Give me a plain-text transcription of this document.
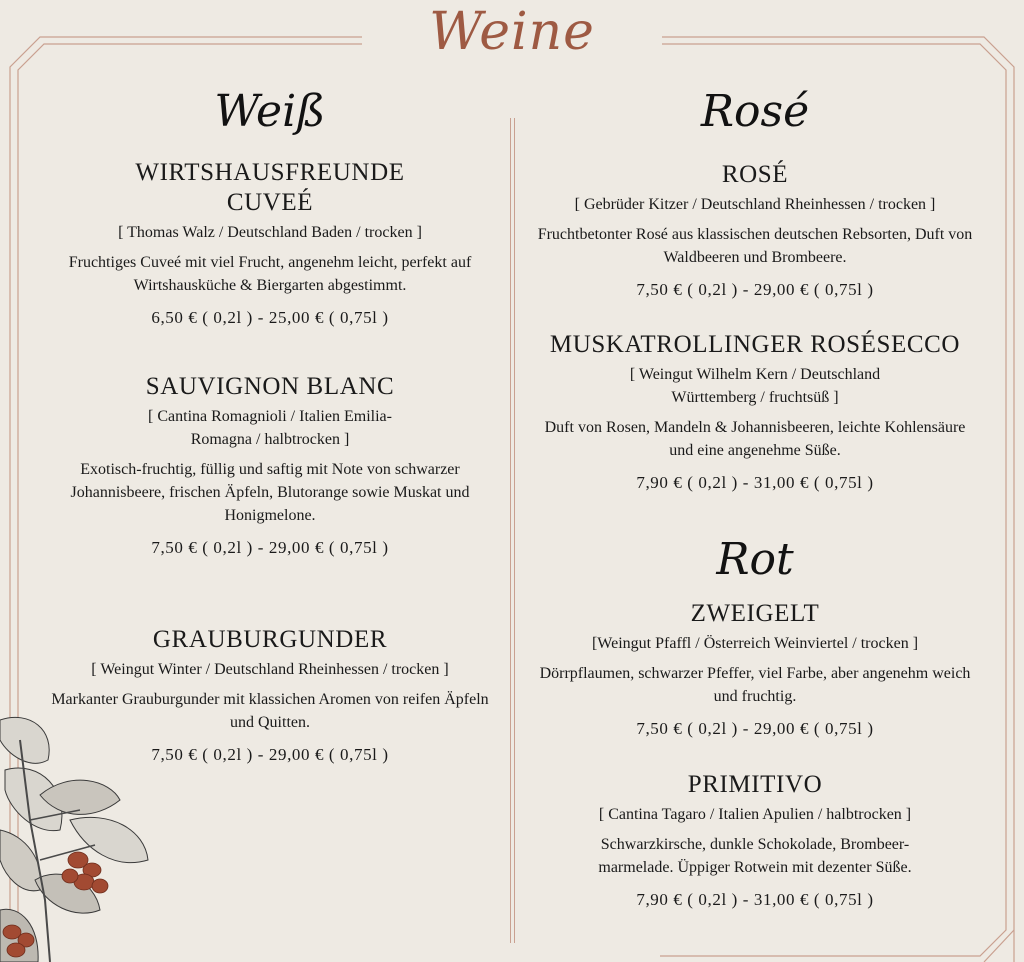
Weine
Weiß	Rosé
Rot
WIRTSHAUSFREUNDE CUVEÉ
[ Thomas Walz / Deutschland Baden / trocken ]
Fruchtiges Cuveé mit viel Frucht, angenehm leicht, perfekt auf Wirtshausküche & Biergarten abgestimmt.
6,50 € ( 0,2l ) - 25,00 € ( 0,75l )
SAUVIGNON BLANC
[ Cantina Romagnioli / Italien Emilia-Romagna / halbtrocken ]
Exotisch-fruchtig, füllig und saftig mit Note von schwarzer Johannisbeere, frischen Äpfeln, Blutorange sowie Muskat und Honigmelone.
7,50 € ( 0,2l ) - 29,00 € ( 0,75l )
GRAUBURGUNDER
[ Weingut Winter / Deutschland Rheinhessen / trocken ]
Markanter Grauburgunder mit klassichen Aromen von reifen Äpfeln und Quitten.
7,50 € ( 0,2l ) - 29,00 € ( 0,75l )
ROSÉ
[ Gebrüder Kitzer / Deutschland Rheinhessen / trocken ]
Fruchtbetonter Rosé aus klassischen deutschen Rebsorten, Duft von Waldbeeren und Brombeere.
7,50 € ( 0,2l ) - 29,00 € ( 0,75l )
MUSKATROLLINGER ROSÉSECCO
[ Weingut Wilhelm Kern / Deutschland Württemberg / fruchtsüß ]
Duft von Rosen, Mandeln & Johannisbeeren, leichte Kohlensäure und eine angenehme Süße.
7,90 € ( 0,2l ) - 31,00 € ( 0,75l )
ZWEIGELT
[Weingut Pfaffl / Österreich Weinviertel / trocken ]
Dörrpflaumen, schwarzer Pfeffer, viel Farbe, aber angenehm weich und fruchtig.
7,50 € ( 0,2l ) - 29,00 € ( 0,75l )
PRIMITIVO
[ Cantina Tagaro / Italien Apulien / halbtrocken ]
Schwarzkirsche, dunkle Schokolade, Brombeer-marmelade. Üppiger Rotwein mit dezenter Süße.
7,90 € ( 0,2l ) - 31,00 € ( 0,75l )
